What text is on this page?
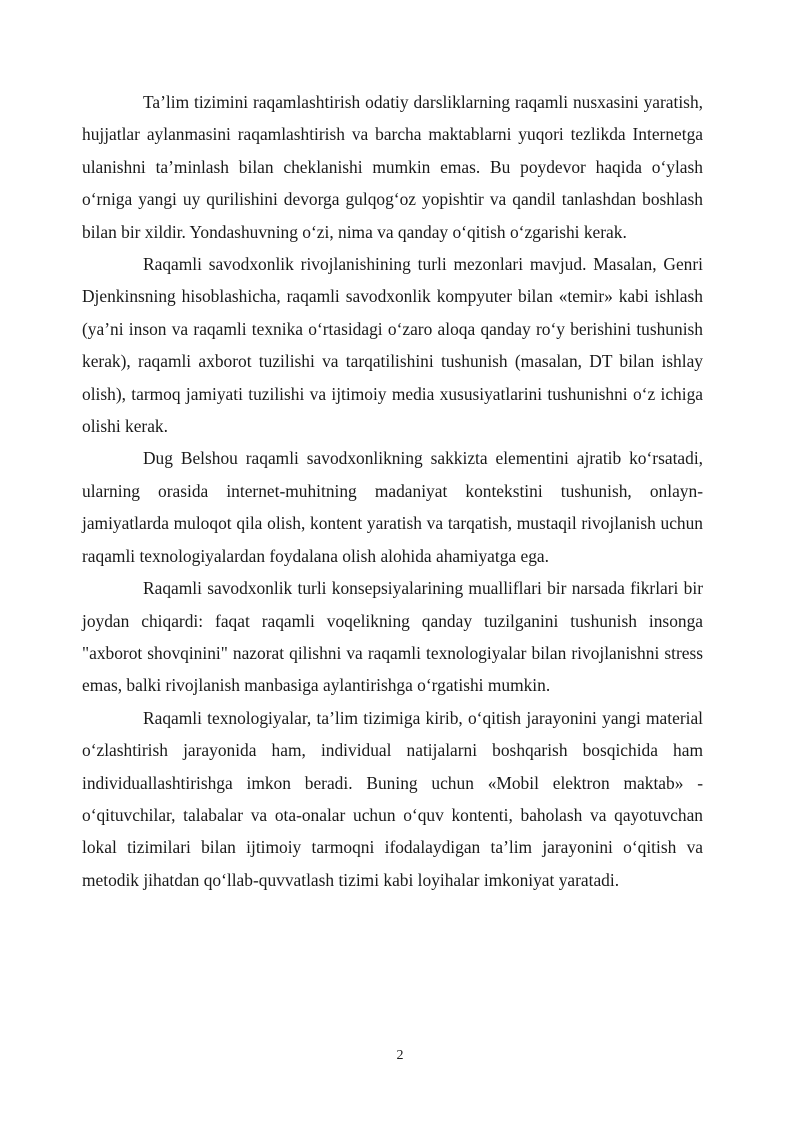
Ta’lim tizimini raqamlashtirish odatiy darsliklarning raqamli nusxasini yaratish, hujjatlar aylanmasini raqamlashtirish va barcha maktablarni yuqori tezlikda Internetga ulanishni ta’minlash bilan cheklanishi mumkin emas. Bu poydevor haqida o‘ylash o‘rniga yangi uy qurilishini devorga gulqog‘oz yopishtir va qandil tanlashdan boshlash bilan bir xildir. Yondashuvning o‘zi, nima va qanday o‘qitish o‘zgarishi kerak.

Raqamli savodxonlik rivojlanishining turli mezonlari mavjud. Masalan, Genri Djenkinsning hisoblashicha, raqamli savodxonlik kompyuter bilan «temir» kabi ishlash (ya’ni inson va raqamli texnika o‘rtasidagi o‘zaro aloqa qanday ro‘y berishini tushunish kerak), raqamli axborot tuzilishi va tarqatilishini tushunish (masalan, DT bilan ishlay olish), tarmoq jamiyati tuzilishi va ijtimoiy media xususiyatlarini tushunishni o‘z ichiga olishi kerak.

Dug Belshou raqamli savodxonlikning sakkizta elementini ajratib ko‘rsatadi, ularning orasida internet-muhitning madaniyat kontekstini tushunish, onlayn-jamiyatlarda muloqot qila olish, kontent yaratish va tarqatish, mustaqil rivojlanish uchun raqamli texnologiyalardan foydalana olish alohida ahamiyatga ega.

Raqamli savodxonlik turli konsepsiyalarining mualliflari bir narsada fikrlari bir joydan chiqardi: faqat raqamli voqelikning qanday tuzilganini tushunish insonga "axborot shovqinini" nazorat qilishni va raqamli texnologiyalar bilan rivojlanishni stress emas, balki rivojlanish manbasiga aylantirishga o‘rgatishi mumkin.

Raqamli texnologiyalar, ta’lim tizimiga kirib, o‘qitish jarayonini yangi material o‘zlashtirish jarayonida ham, individual natijalarni boshqarish bosqichida ham individuallashtirishga imkon beradi. Buning uchun «Mobil elektron maktab» - o‘qituvchilar, talabalar va ota-onalar uchun o‘quv kontenti, baholash va qayotuvchan lokal tizimilari bilan ijtimoiy tarmoqni ifodalaydigan ta’lim jarayonini o‘qitish va metodik jihatdan qo‘llab-quvvatlash tizimi kabi loyihalar imkoniyat yaratadi.

2
